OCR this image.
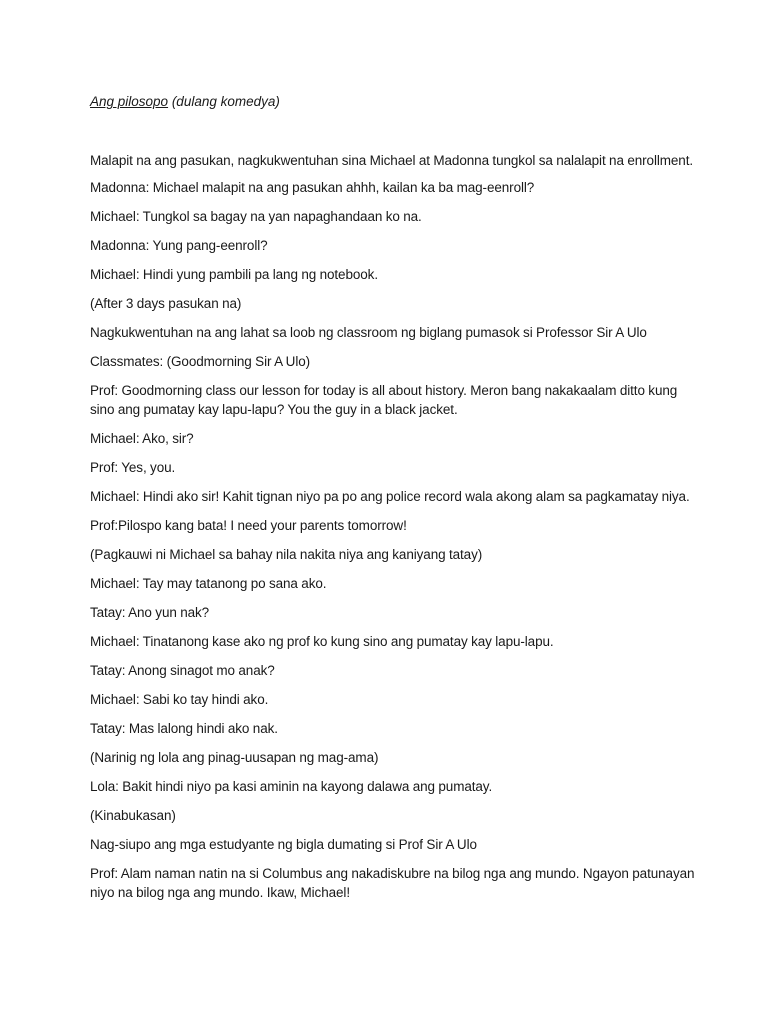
Ang pilosopo (dulang komedya)

Malapit na ang pasukan, nagkukwentuhan sina Michael at Madonna tungkol sa nalalapit na enrollment.

Madonna: Michael malapit na ang pasukan ahhh, kailan ka ba mag-eenroll?

Michael: Tungkol sa bagay na yan napaghandaan ko na.

Madonna: Yung pang-eenroll?

Michael: Hindi yung pambili pa lang ng notebook.

(After 3 days pasukan na)

Nagkukwentuhan na ang lahat sa loob ng classroom ng biglang pumasok si Professor Sir A Ulo

Classmates: (Goodmorning Sir A Ulo)

Prof: Goodmorning class our lesson for today is all about history. Meron bang nakakaalam ditto kung sino ang pumatay kay lapu-lapu? You the guy in a black jacket.

Michael: Ako, sir?

Prof: Yes, you.

Michael: Hindi ako sir! Kahit tignan niyo pa po ang police record wala akong alam sa pagkamatay niya.

Prof:Pilospo kang bata! I need your parents tomorrow!

(Pagkauwi ni Michael sa bahay nila nakita niya ang kaniyang tatay)

Michael: Tay may tatanong po sana ako.

Tatay: Ano yun nak?

Michael: Tinatanong kase ako ng prof ko kung sino ang pumatay kay lapu-lapu.

Tatay: Anong sinagot mo anak?

Michael: Sabi ko tay hindi ako.

Tatay: Mas lalong hindi ako nak.

(Narinig ng lola ang pinag-uusapan ng mag-ama)

Lola: Bakit hindi niyo pa kasi aminin na kayong dalawa ang pumatay.

(Kinabukasan)

Nag-siupo ang mga estudyante ng bigla dumating si Prof Sir A Ulo

Prof: Alam naman natin na si Columbus ang nakadiskubre na bilog nga ang mundo. Ngayon patunayan niyo na bilog nga ang mundo. Ikaw, Michael!
